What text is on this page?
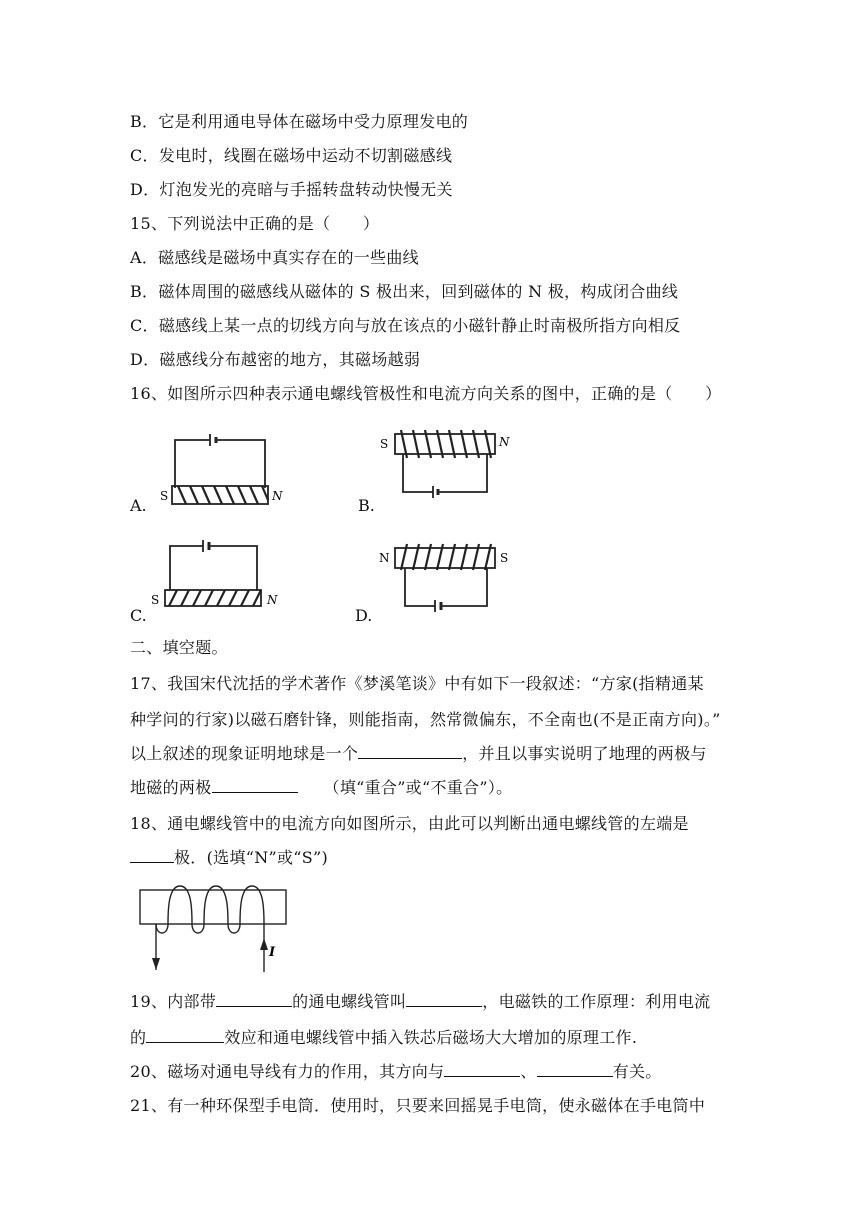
B．它是利用通电导体在磁场中受力原理发电的
C．发电时，线圈在磁场中运动不切割磁感线
D．灯泡发光的亮暗与手摇转盘转动快慢无关
15、下列说法中正确的是（　　）
A．磁感线是磁场中真实存在的一些曲线
B．磁体周围的磁感线从磁体的 S 极出来，回到磁体的 N 极，构成闭合曲线
C．磁感线上某一点的切线方向与放在该点的小磁针静止时南极所指方向相反
D．磁感线分布越密的地方，其磁场越弱
16、如图所示四种表示通电螺线管极性和电流方向关系的图中，正确的是（　　）
A. S	N	B.
S	N
C.
S	N
D.
N	S
二、填空题。
17、我国宋代沈括的学术著作《梦溪笔谈》中有如下一段叙述：“方家(指精通某
种学问的行家)以磁石磨针锋，则能指南，然常微偏东，不全南也(不是正南方向)。”
以上叙述的现象证明地球是一个	，并且以事实说明了地理的两极与
地磁的两极	（填“重合”或“不重合”）。
18、通电螺线管中的电流方向如图所示，由此可以判断出通电螺线管的左端是
极．(选填“N”或“S”)
I
19、内部带	的通电螺线管叫	，电磁铁的工作原理：利用电流
的	效应和通电螺线管中插入铁芯后磁场大大增加的原理工作.
20、磁场对通电导线有力的作用，其方向与	、	有关。
21、有一种环保型手电筒．使用时，只要来回摇晃手电筒，使永磁体在手电筒中
